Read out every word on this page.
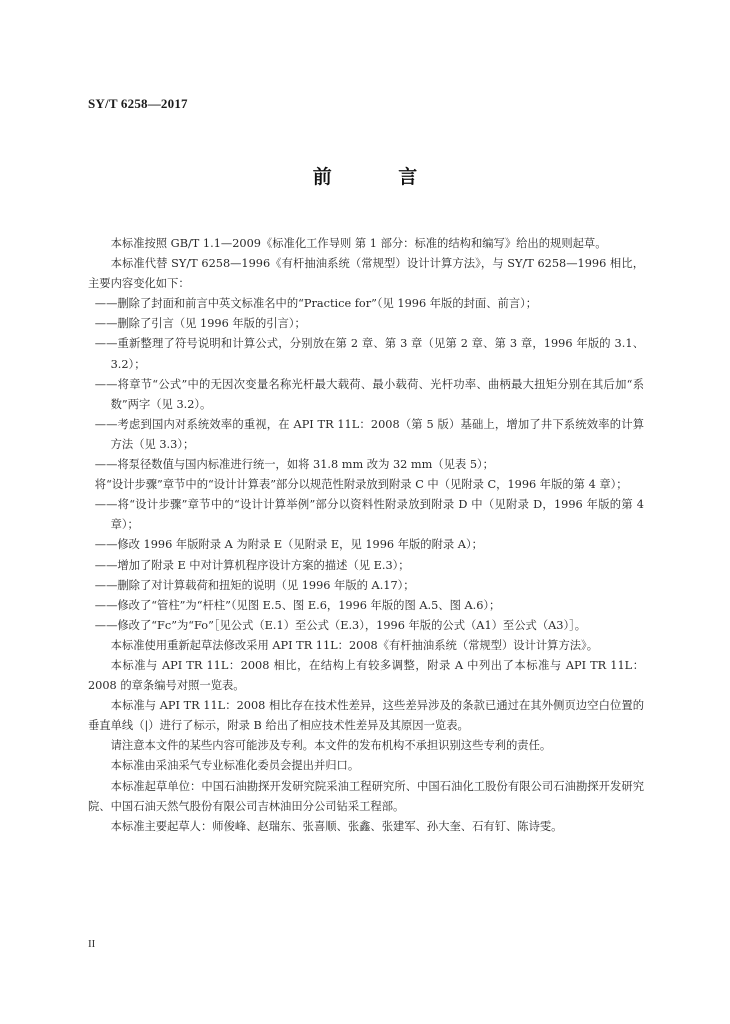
SY/T 6258—2017
前 言

本标准按照 GB/T 1.1—2009《标准化工作导则 第 1 部分：标准的结构和编写》给出的规则起草。

本标准代替 SY/T 6258—1996《有杆抽油系统（常规型）设计计算方法》，与 SY/T 6258—1996 相比，主要内容变化如下：

——删除了封面和前言中英文标准名中的“Practice for”（见 1996 年版的封面、前言）；

——删除了引言（见 1996 年版的引言）；

——重新整理了符号说明和计算公式，分别放在第 2 章、第 3 章（见第 2 章、第 3 章，1996 年版的 3.1、3.2）；

——将章节“公式”中的无因次变量名称光杆最大载荷、最小载荷、光杆功率、曲柄最大扭矩分别在其后加“系数”两字（见 3.2）。

——考虑到国内对系统效率的重视，在 API TR 11L：2008（第 5 版）基础上，增加了井下系统效率的计算方法（见 3.3）；

——将泵径数值与国内标准进行统一，如将 31.8 mm 改为 32 mm（见表 5）；

将“设计步骤”章节中的“设计计算表”部分以规范性附录放到附录 C 中（见附录 C，1996 年版的第 4 章）；

——将“设计步骤”章节中的“设计计算举例”部分以资料性附录放到附录 D 中（见附录 D，1996 年版的第 4 章）；

——修改 1996 年版附录 A 为附录 E（见附录 E，见 1996 年版的附录 A）；

——增加了附录 E 中对计算机程序设计方案的描述（见 E.3）；

——删除了对计算载荷和扭矩的说明（见 1996 年版的 A.17）；

——修改了“管柱”为“杆柱”（见图 E.5、图 E.6，1996 年版的图 A.5、图 A.6）；

——修改了“Fc”为“Fo”［见公式（E.1）至公式（E.3），1996 年版的公式（A1）至公式（A3）］。

本标准使用重新起草法修改采用 API TR 11L：2008《有杆抽油系统（常规型）设计计算方法》。

本标准与 API TR 11L：2008 相比，在结构上有较多调整，附录 A 中列出了本标准与 API TR 11L：2008 的章条编号对照一览表。

本标准与 API TR 11L：2008 相比存在技术性差异，这些差异涉及的条款已通过在其外侧页边空白位置的垂直单线（|）进行了标示，附录 B 给出了相应技术性差异及其原因一览表。

请注意本文件的某些内容可能涉及专利。本文件的发布机构不承担识别这些专利的责任。

本标准由采油采气专业标准化委员会提出并归口。

本标准起草单位：中国石油勘探开发研究院采油工程研究所、中国石油化工股份有限公司石油勘探开发研究院、中国石油天然气股份有限公司吉林油田分公司钻采工程部。

本标准主要起草人：师俊峰、赵瑞东、张喜顺、张鑫、张建军、孙大奎、石有钉、陈诗雯。

II
